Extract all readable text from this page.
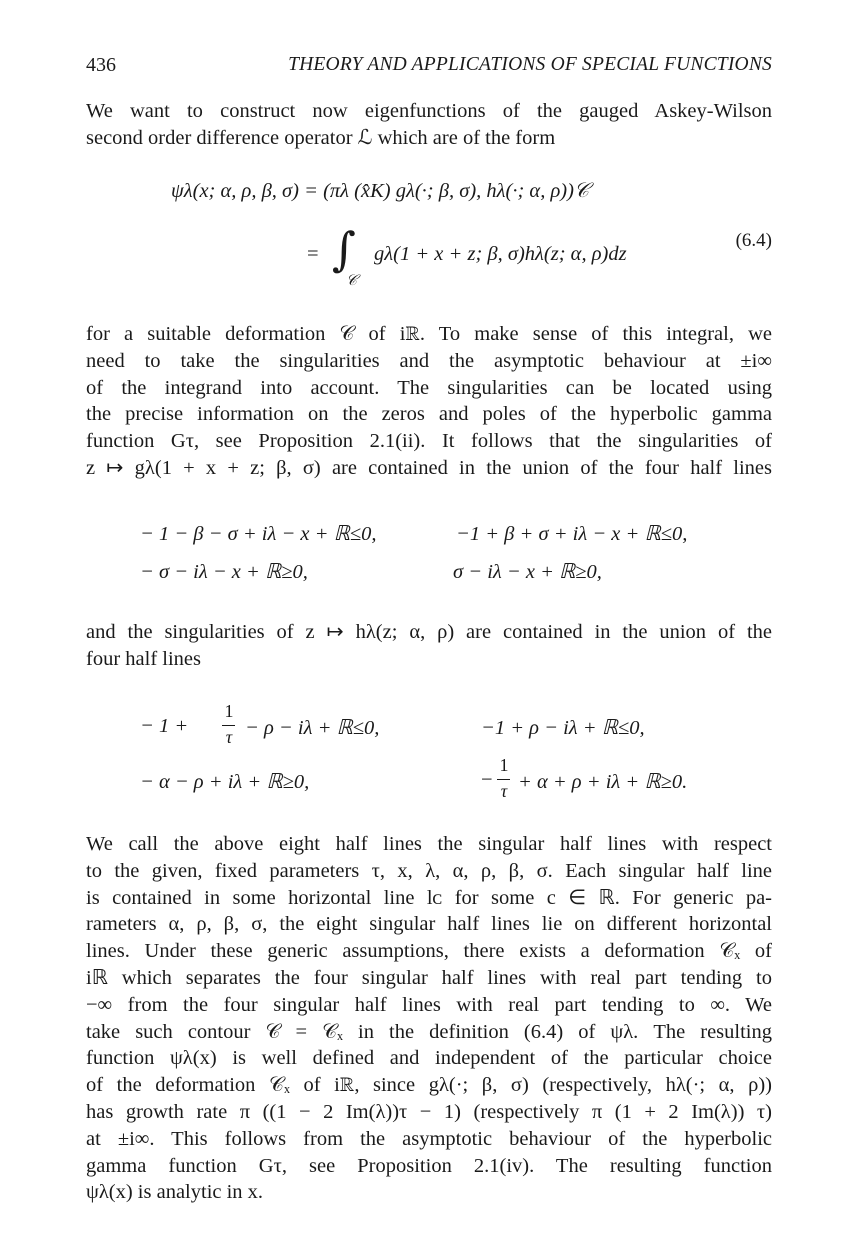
436	THEORY AND APPLICATIONS OF SPECIAL FUNCTIONS
We want to construct now eigenfunctions of the gauged Askey-Wilson
second order difference operator ℒ which are of the form
ψλ(x; α, ρ, β, σ) = (πλ (x̂K) gλ(·; β, σ), hλ(·; α, ρ))𝒞
= ∫
𝒞
gλ(1 + x + z; β, σ)hλ(z; α, ρ)dz
(6.4)
for a suitable deformation 𝒞 of iℝ. To make sense of this integral, we
need to take the singularities and the asymptotic behaviour at ±i∞
of the integrand into account. The singularities can be located using
the precise information on the zeros and poles of the hyperbolic gamma
function Gτ, see Proposition 2.1(ii). It follows that the singularities of
z ↦ gλ(1 + x + z; β, σ) are contained in the union of the four half lines
− 1 − β − σ + iλ − x + ℝ≤0,	−1 + β + σ + iλ − x + ℝ≤0,
− σ − iλ − x + ℝ≥0,	σ − iλ − x + ℝ≥0,
and the singularities of z ↦ hλ(z; α, ρ) are contained in the union of the
four half lines
− 1 +
1
τ − ρ − iλ + ℝ≤0,	−1 + ρ − iλ + ℝ≤0,
− α − ρ + iλ + ℝ≥0,	−
1
τ + α + ρ + iλ + ℝ≥0.
We call the above eight half lines the singular half lines with respect
to the given, fixed parameters τ, x, λ, α, ρ, β, σ. Each singular half line
is contained in some horizontal line lᴄ for some c ∈ ℝ. For generic pa-
rameters α, ρ, β, σ, the eight singular half lines lie on different horizontal
lines. Under these generic assumptions, there exists a deformation 𝒞ₓ of
iℝ which separates the four singular half lines with real part tending to
−∞ from the four singular half lines with real part tending to ∞. We
take such contour 𝒞 = 𝒞ₓ in the definition (6.4) of ψλ. The resulting
function ψλ(x) is well defined and independent of the particular choice
of the deformation 𝒞ₓ of iℝ, since gλ(·; β, σ) (respectively, hλ(·; α, ρ))
has growth rate π ((1 − 2 Im(λ))τ − 1) (respectively π (1 + 2 Im(λ)) τ)
at ±i∞. This follows from the asymptotic behaviour of the hyperbolic
gamma function Gτ, see Proposition 2.1(iv). The resulting function
ψλ(x) is analytic in x.
